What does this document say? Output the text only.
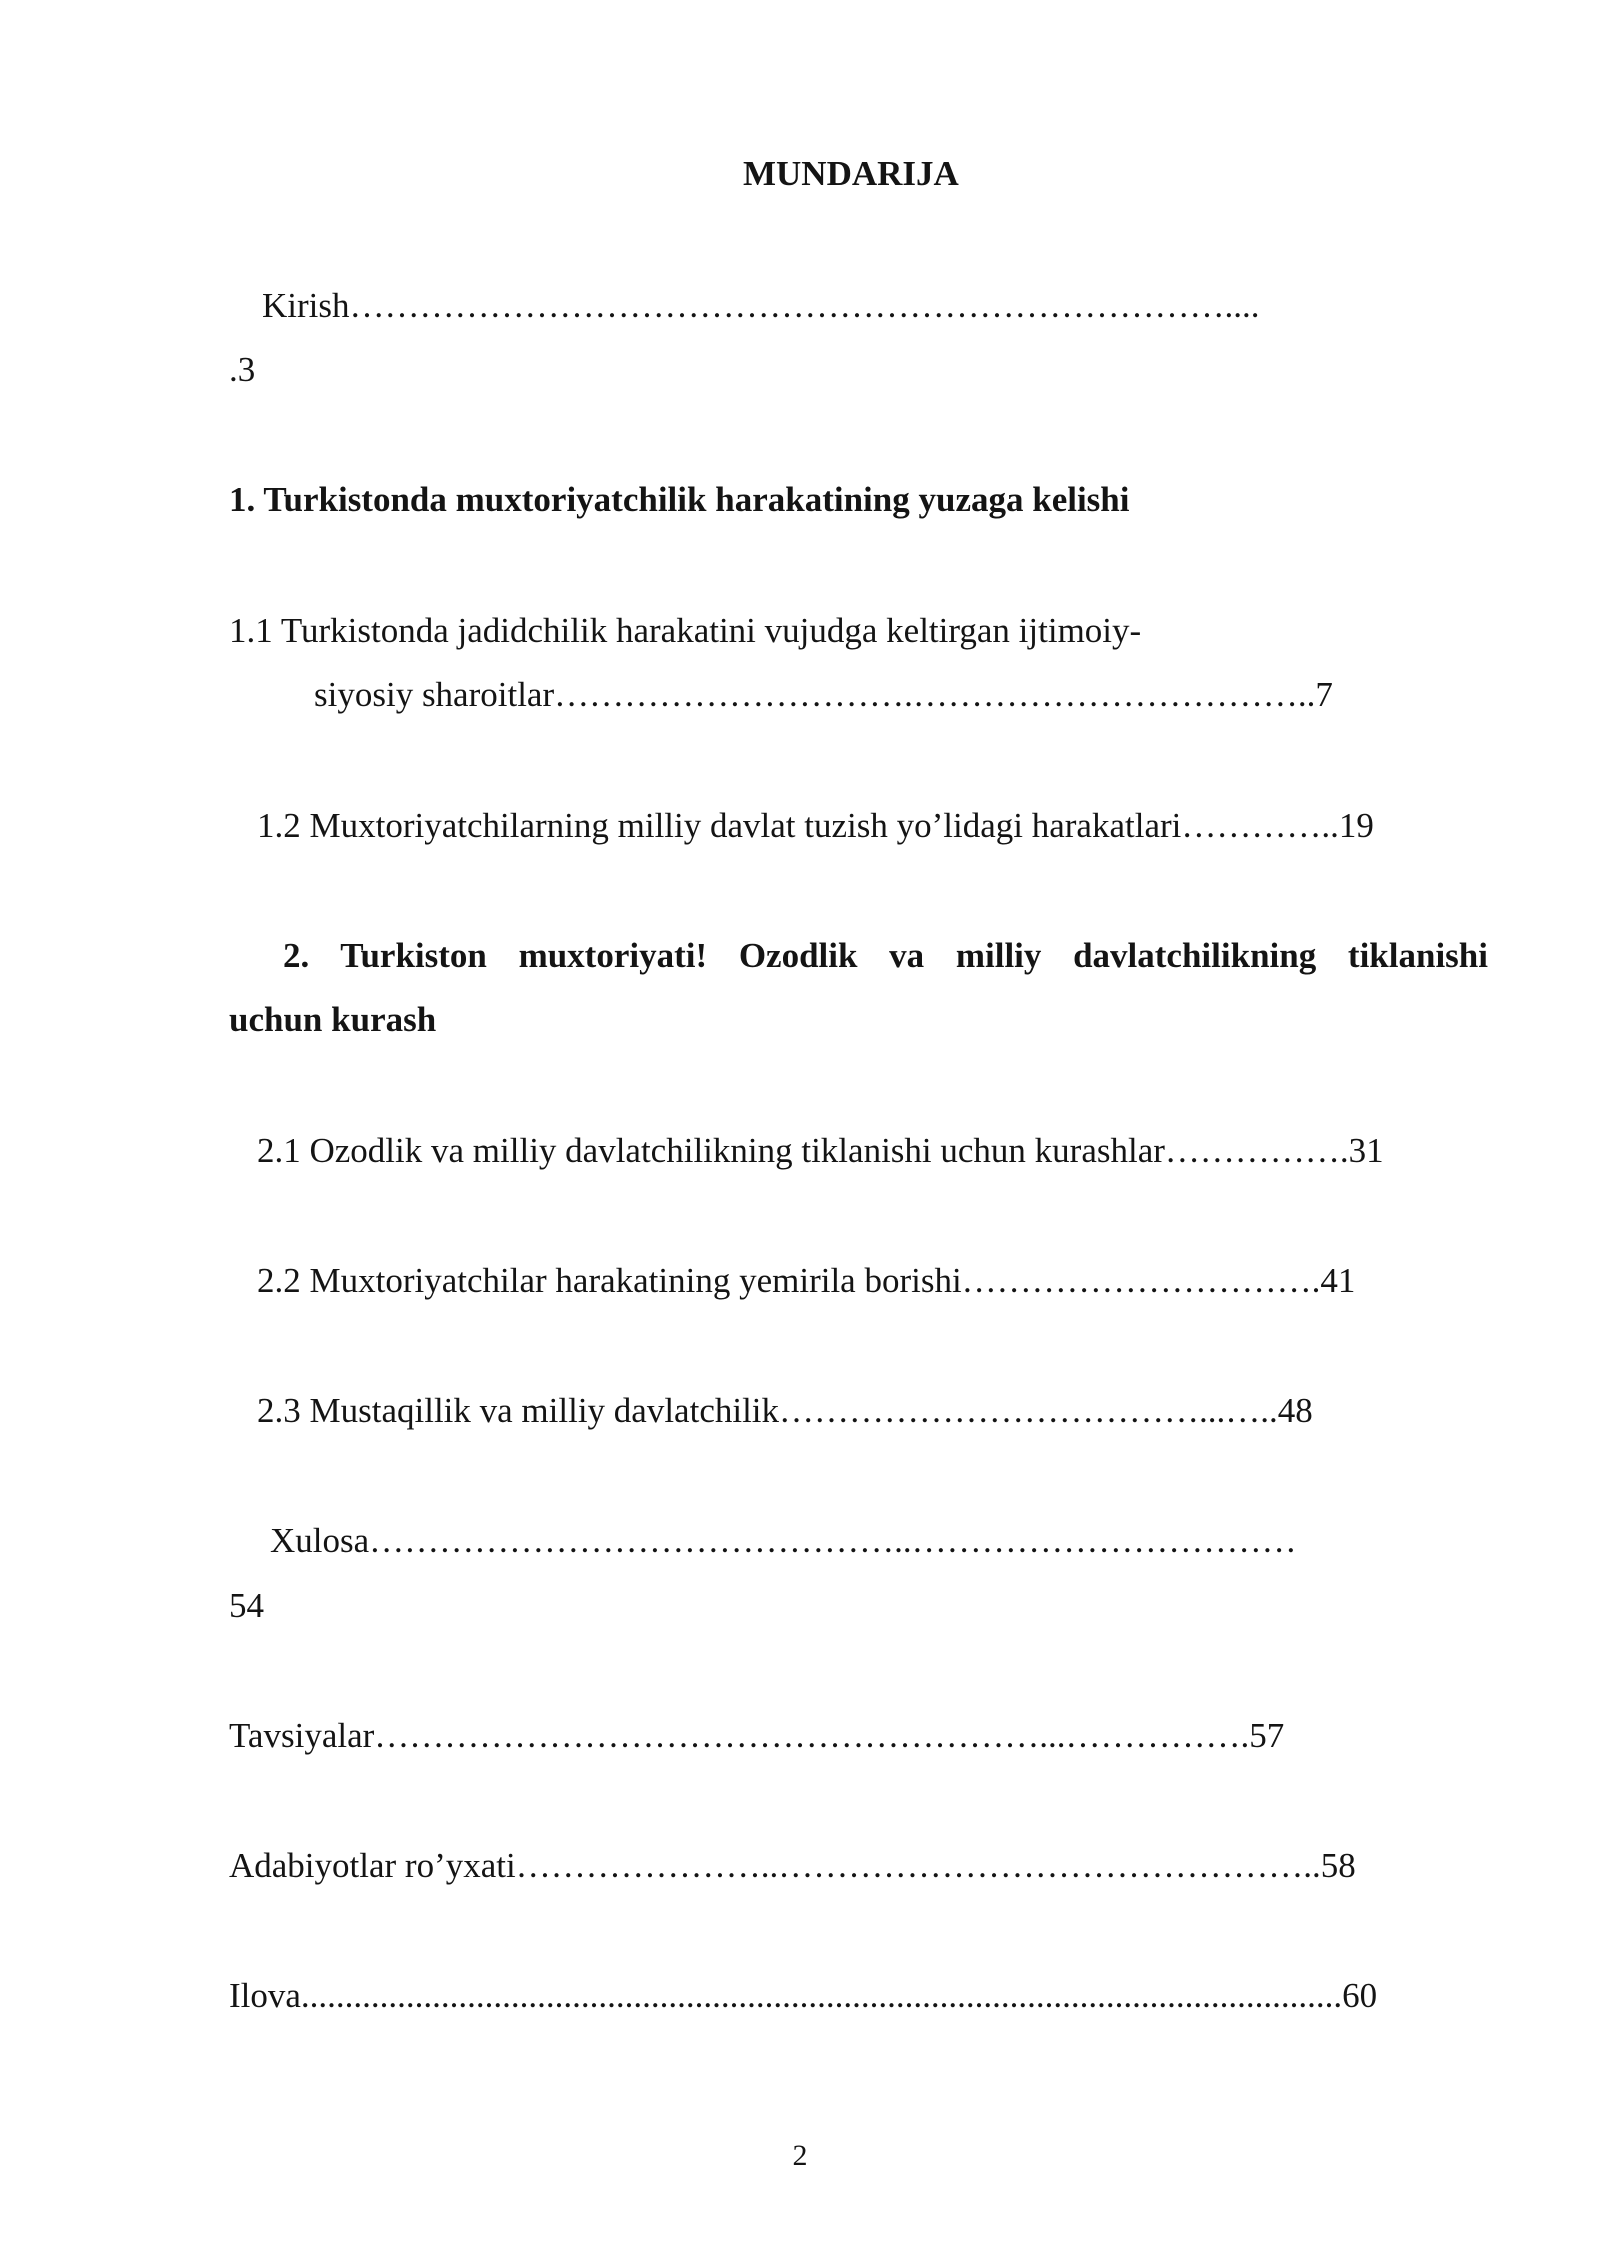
MUNDARIJA
Kirish…………………………………………………………………....
.3
1. Turkistonda muxtoriyatchilik harakatining yuzaga kelishi
1.1 Turkistonda jadidchilik harakatini vujudga keltirgan ijtimoiy-
siyosiy sharoitlar………………………….……………………………..7
1.2 Muxtoriyatchilarning milliy davlat tuzish yo’lidagi harakatlari…………..19
2. Turkiston muxtoriyati! Ozodlik va milliy davlatchilikning tiklanishi
uchun kurash
2.1 Ozodlik va milliy davlatchilikning tiklanishi uchun kurashlar…………….31
2.2 Muxtoriyatchilar harakatining yemirila borishi………………………….41
2.3 Mustaqillik va milliy davlatchilik………………………………...…..48
Xulosa………………………………………..……………………………
54
Tavsiyalar…………………………………………………...…………….57
Adabiyotlar ro’yxati…………………..………………………………………..58
Ilova.......................................................................................................................60
2
